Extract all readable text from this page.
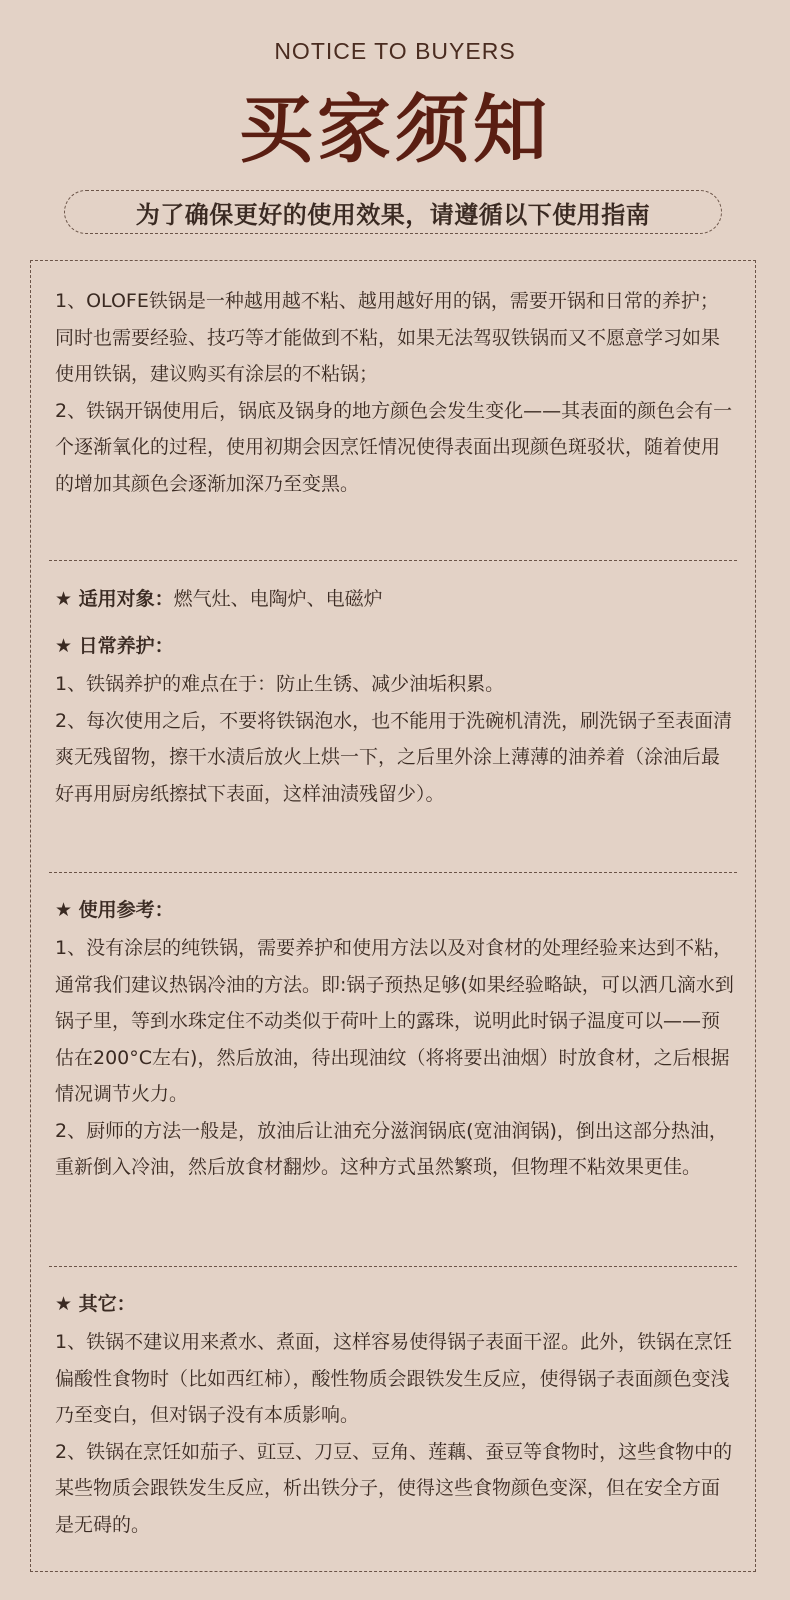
NOTICE TO BUYERS
买家须知
为了确保更好的使用效果，请遵循以下使用指南

1、OLOFE铁锅是一种越用越不粘、越用越好用的锅，需要开锅和日常的养护；同时也需要经验、技巧等才能做到不粘，如果无法驾驭铁锅而又不愿意学习如果使用铁锅，建议购买有涂层的不粘锅；

2、铁锅开锅使用后，锅底及锅身的地方颜色会发生变化——其表面的颜色会有一个逐渐氧化的过程，使用初期会因烹饪情况使得表面出现颜色斑驳状，随着使用的增加其颜色会逐渐加深乃至变黑。

★ 适用对象：燃气灶、电陶炉、电磁炉

★ 日常养护：

1、铁锅养护的难点在于：防止生锈、减少油垢积累。

2、每次使用之后，不要将铁锅泡水，也不能用于洗碗机清洗，刷洗锅子至表面清爽无残留物，擦干水渍后放火上烘一下，之后里外涂上薄薄的油养着（涂油后最好再用厨房纸擦拭下表面，这样油渍残留少）。

★ 使用参考：

1、没有涂层的纯铁锅，需要养护和使用方法以及对食材的处理经验来达到不粘，通常我们建议热锅冷油的方法。即:锅子预热足够(如果经验略缺，可以洒几滴水到锅子里，等到水珠定住不动类似于荷叶上的露珠，说明此时锅子温度可以——预估在200°C左右)，然后放油，待出现油纹（将将要出油烟）时放食材，之后根据情况调节火力。

2、厨师的方法一般是，放油后让油充分滋润锅底(宽油润锅)，倒出这部分热油，重新倒入冷油，然后放食材翻炒。这种方式虽然繁琐，但物理不粘效果更佳。

★ 其它：

1、铁锅不建议用来煮水、煮面，这样容易使得锅子表面干涩。此外，铁锅在烹饪偏酸性食物时（比如西红柿），酸性物质会跟铁发生反应，使得锅子表面颜色变浅乃至变白，但对锅子没有本质影响。

2、铁锅在烹饪如茄子、豇豆、刀豆、豆角、莲藕、蚕豆等食物时，这些食物中的某些物质会跟铁发生反应，析出铁分子，使得这些食物颜色变深，但在安全方面是无碍的。
